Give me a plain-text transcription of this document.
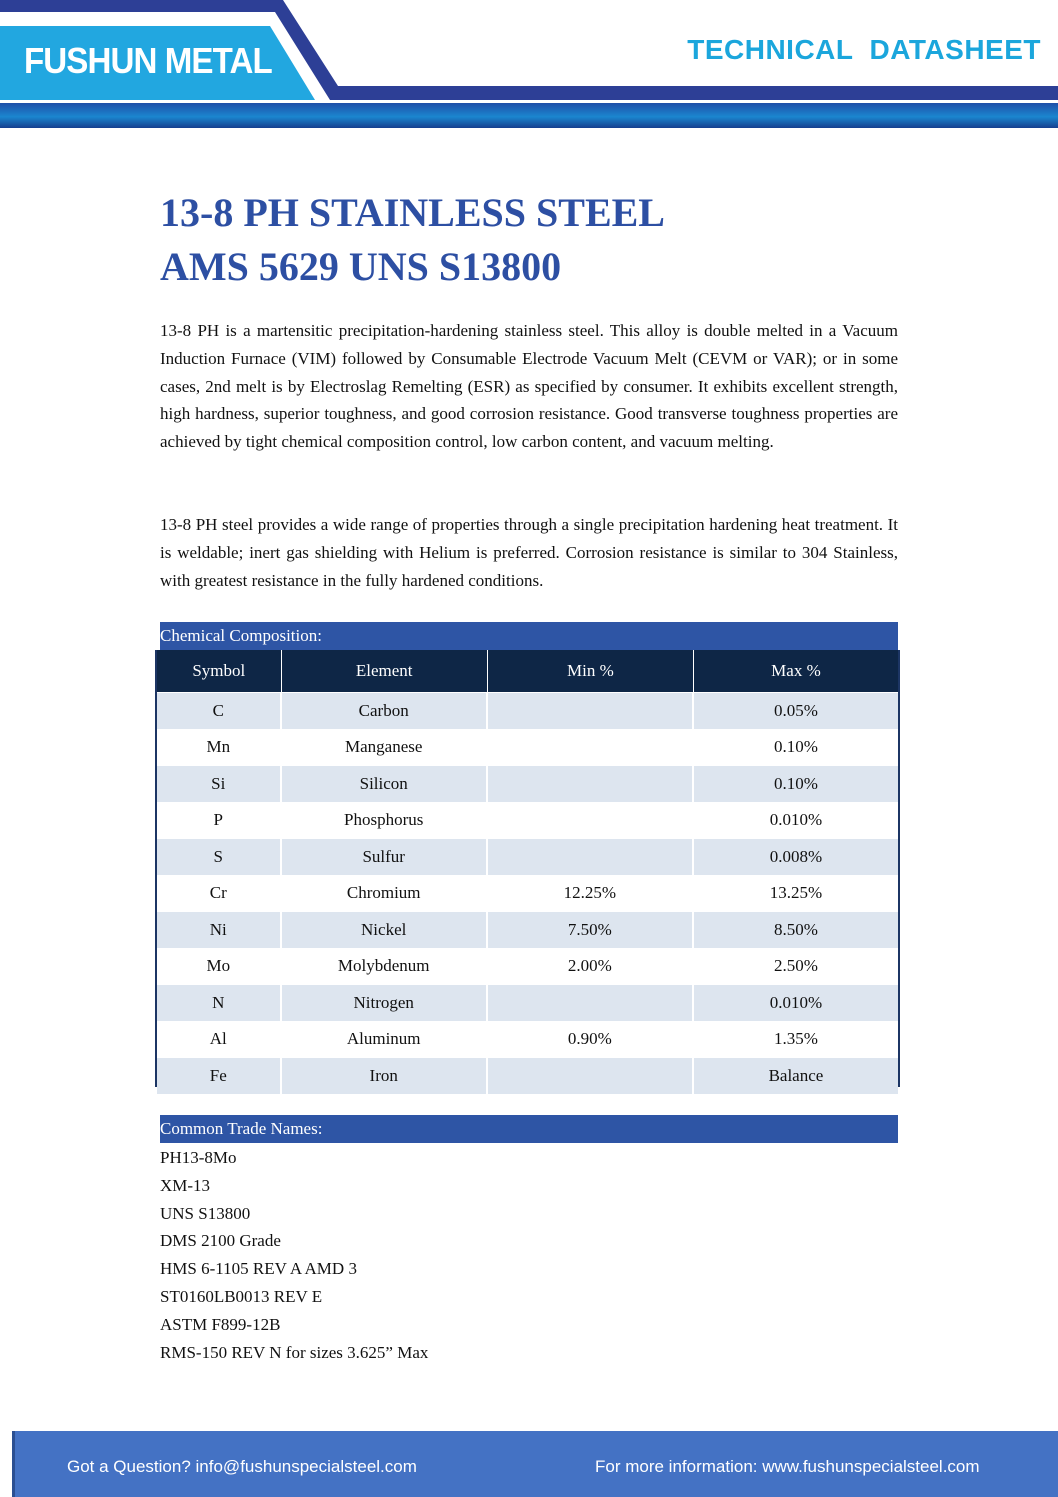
FUSHUN METAL	TECHNICAL  DATASHEET
13-8 PH STAINLESS STEEL
AMS 5629 UNS S13800

13-8 PH is a martensitic precipitation-hardening stainless steel. This alloy is double melted in a Vacuum Induction Furnace (VIM) followed by Consumable Electrode Vacuum Melt (CEVM or VAR); or in some cases, 2nd melt is by Electroslag Remelting (ESR) as specified by consumer. It exhibits excellent strength, high hardness, superior toughness, and good corrosion resistance. Good transverse toughness properties are achieved by tight chemical composition control, low carbon content, and vacuum melting.

13-8 PH steel provides a wide range of properties through a single precipitation hardening heat treatment. It is weldable; inert gas shielding with Helium is preferred. Corrosion resistance is similar to 304 Stainless, with greatest resistance in the fully hardened conditions.

Chemical Composition:
Symbol	Element	Min %	Max %
C	Carbon		0.05%
Mn	Manganese		0.10%
Si	Silicon		0.10%
P	Phosphorus		0.010%
S	Sulfur		0.008%
Cr	Chromium	12.25%	13.25%
Ni	Nickel	7.50%	8.50%
Mo	Molybdenum	2.00%	2.50%
N	Nitrogen		0.010%
Al	Aluminum	0.90%	1.35%
Fe	Iron		Balance
Common Trade Names:
PH13-8Mo
XM-13
UNS S13800
DMS 2100 Grade
HMS 6-1105 REV A AMD 3
ST0160LB0013 REV E
ASTM F899-12B
RMS-150 REV N for sizes 3.625” Max
Got a Question? info@fushunspecialsteel.com	For more information: www.fushunspecialsteel.com
